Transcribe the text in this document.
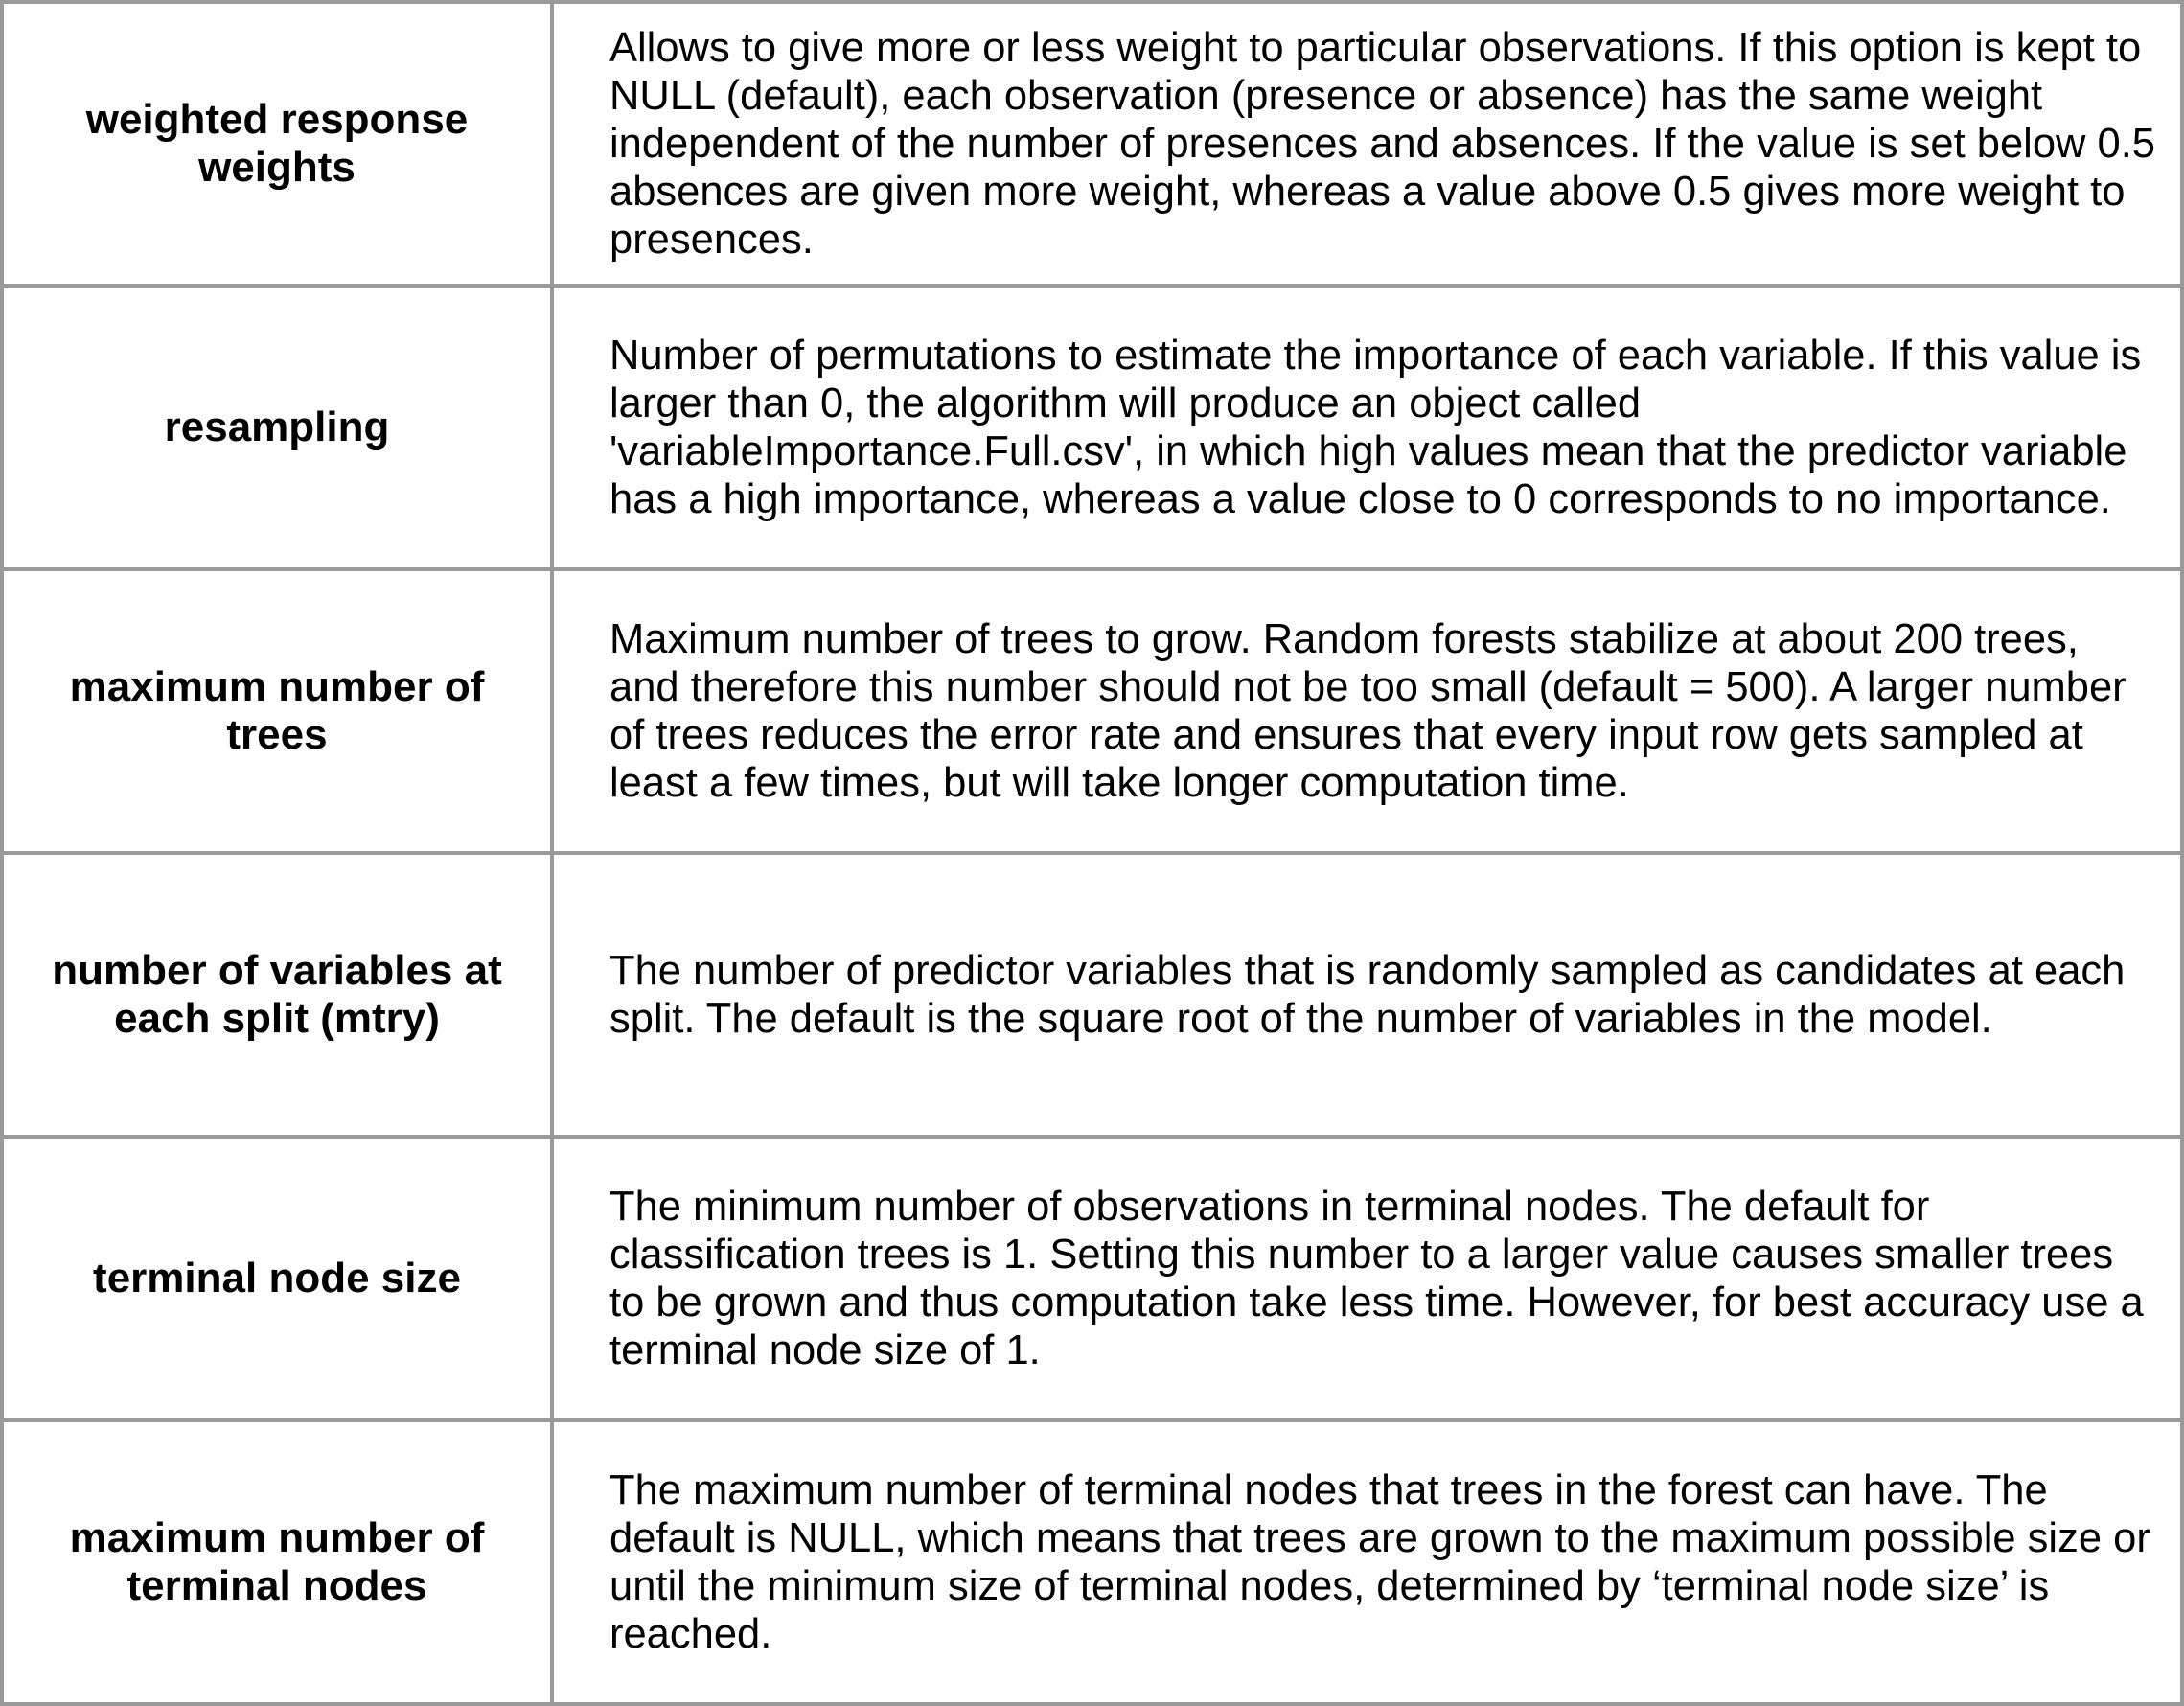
weighted response weights	Allows to give more or less weight to particular observations. If this option is kept to NULL (default), each observation (presence or absence) has the same weight independent of the number of presences and absences. If the value is set below 0.5 absences are given more weight, whereas a value above 0.5 gives more weight to presences.
resampling	Number of permutations to estimate the importance of each variable. If this value is larger than 0, the algorithm will produce an object called 'variableImportance.Full.csv', in which high values mean that the predictor variable has a high importance, whereas a value close to 0 corresponds to no importance.
maximum number of trees	Maximum number of trees to grow. Random forests stabilize at about 200 trees, and therefore this number should not be too small (default = 500). A larger number of trees reduces the error rate and ensures that every input row gets sampled at least a few times, but will take longer computation time.
number of variables at each split (mtry)	The number of predictor variables that is randomly sampled as candidates at each split. The default is the square root of the number of variables in the model.
terminal node size	The minimum number of observations in terminal nodes. The default for classification trees is 1. Setting this number to a larger value causes smaller trees to be grown and thus computation take less time. However, for best accuracy use a terminal node size of 1.
maximum number of terminal nodes	The maximum number of terminal nodes that trees in the forest can have. The default is NULL, which means that trees are grown to the maximum possible size or until the minimum size of terminal nodes, determined by ‘terminal node size’ is reached.
